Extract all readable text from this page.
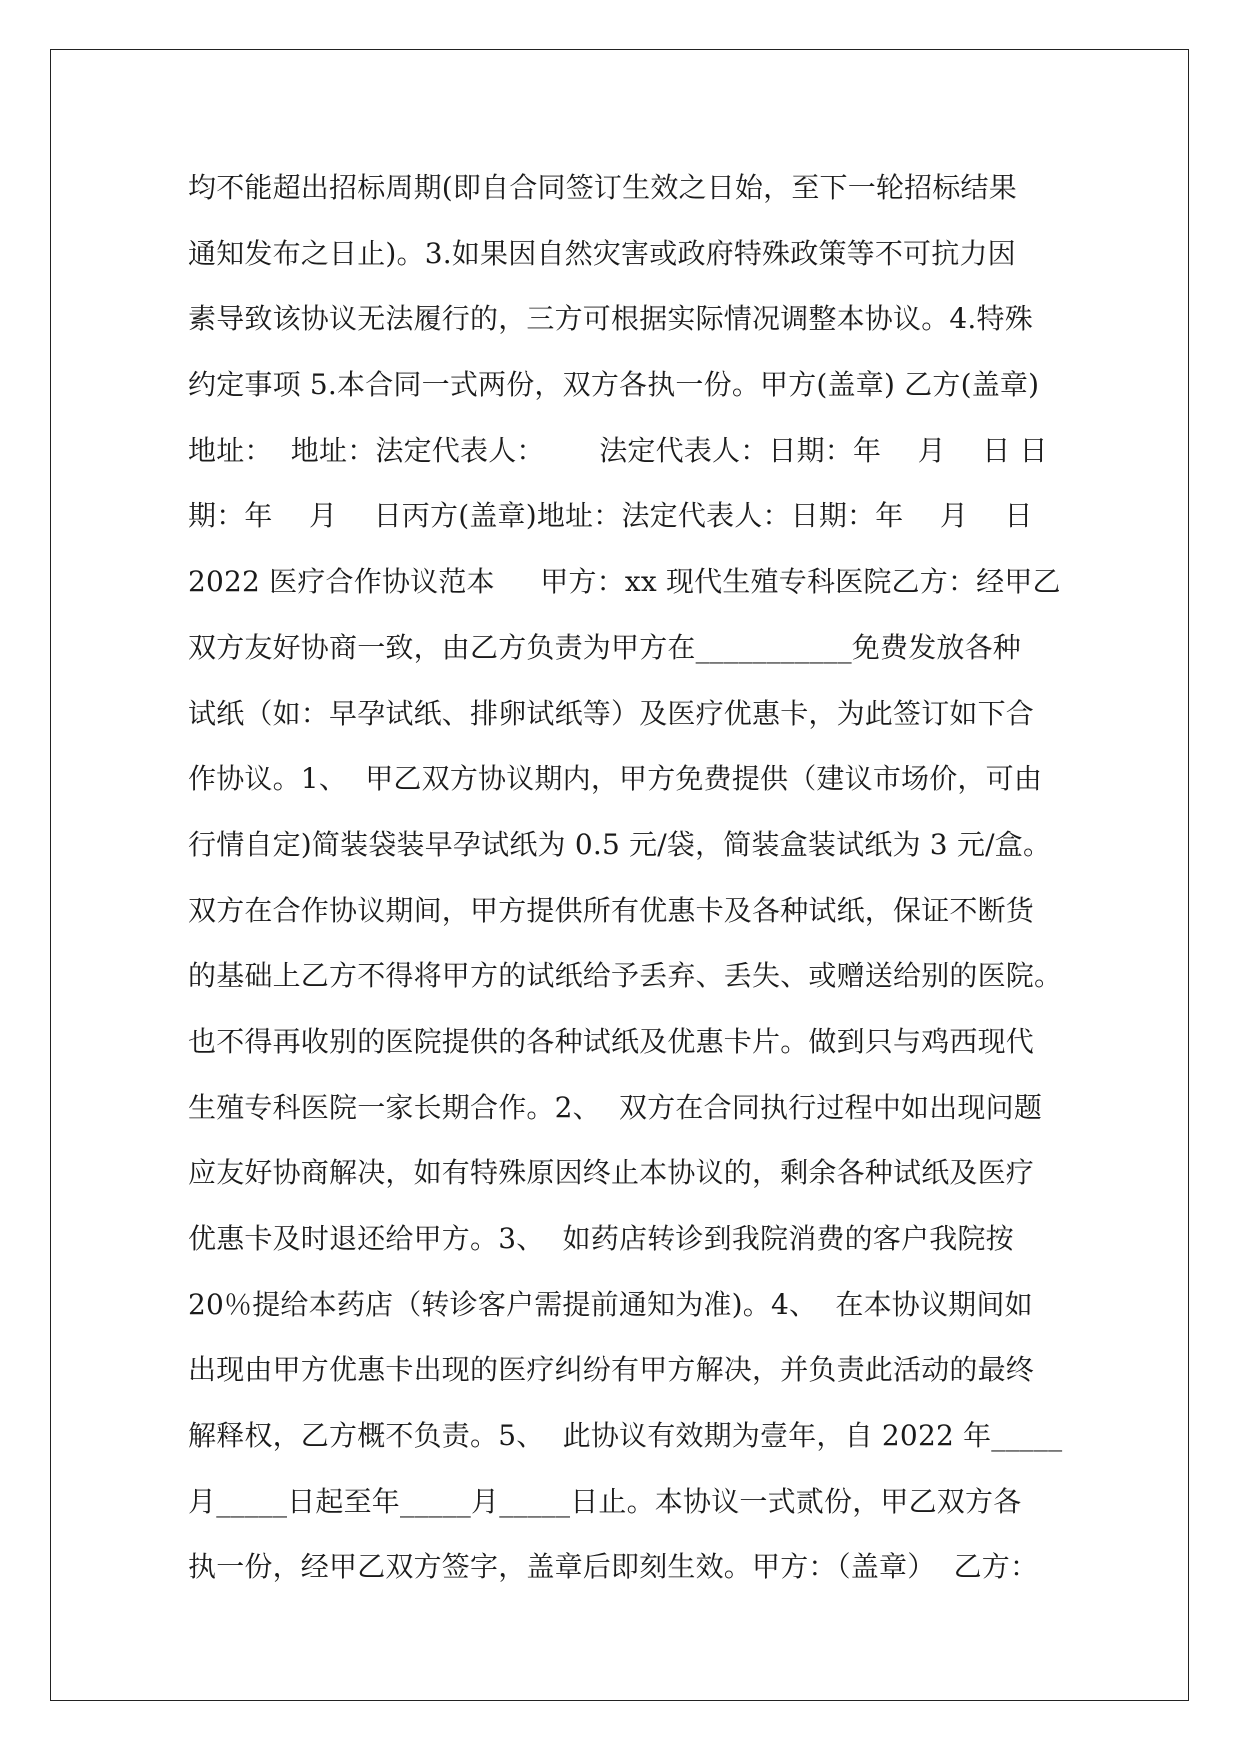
均不能超出招标周期(即自合同签订生效之日始，至下一轮招标结果
通知发布之日止)。3.如果因自然灾害或政府特殊政策等不可抗力因
素导致该协议无法履行的，三方可根据实际情况调整本协议。4.特殊
约定事项 5.本合同一式两份，双方各执一份。甲方(盖章) 乙方(盖章)
地址：  地址：法定代表人：      法定代表人：日期：年    月    日 日
期：年    月    日丙方(盖章)地址：法定代表人：日期：年    月    日
2022 医疗合作协议范本     甲方：xx 现代生殖专科医院乙方：经甲乙
双方友好协商一致，由乙方负责为甲方在___________免费发放各种
试纸（如：早孕试纸、排卵试纸等）及医疗优惠卡，为此签订如下合
作协议。1、  甲乙双方协议期内，甲方免费提供（建议市场价，可由
行情自定)简装袋装早孕试纸为 0.5 元/袋，简装盒装试纸为 3 元/盒。
双方在合作协议期间，甲方提供所有优惠卡及各种试纸，保证不断货
的基础上乙方不得将甲方的试纸给予丢弃、丢失、或赠送给别的医院。
也不得再收别的医院提供的各种试纸及优惠卡片。做到只与鸡西现代
生殖专科医院一家长期合作。2、  双方在合同执行过程中如出现问题
应友好协商解决，如有特殊原因终止本协议的，剩余各种试纸及医疗
优惠卡及时退还给甲方。3、  如药店转诊到我院消费的客户我院按
20％提给本药店（转诊客户需提前通知为准)。4、  在本协议期间如
出现由甲方优惠卡出现的医疗纠纷有甲方解决，并负责此活动的最终
解释权，乙方概不负责。5、  此协议有效期为壹年，自 2022 年_____
月_____日起至年_____月_____日止。本协议一式贰份，甲乙双方各
执一份，经甲乙双方签字，盖章后即刻生效。甲方：（盖章）  乙方：
